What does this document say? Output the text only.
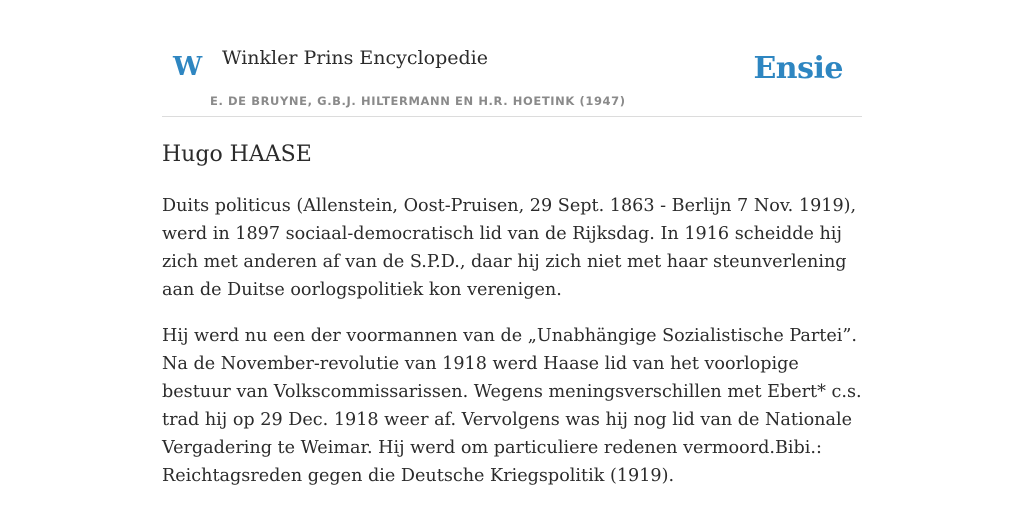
W Winkler Prins Encyclopedie	Ensie
E. DE BRUYNE, G.B.J. HILTERMANN EN H.R. HOETINK (1947)
Hugo HAASE

Duits politicus (Allenstein, Oost-Pruisen, 29 Sept. 1863 - Berlijn 7 Nov. 1919), werd in 1897 sociaal-democratisch lid van de Rijksdag. In 1916 scheidde hij zich met anderen af van de S.P.D., daar hij zich niet met haar steunverlening aan de Duitse oorlogspolitiek kon verenigen.

Hij werd nu een der voormannen van de „Unabhängige Sozialistische Partei”. Na de November-revolutie van 1918 werd Haase lid van het voorlopige bestuur van Volkscommissarissen. Wegens meningsverschillen met Ebert* c.s. trad hij op 29 Dec. 1918 weer af. Vervolgens was hij nog lid van de Nationale Vergadering te Weimar. Hij werd om particuliere redenen vermoord.Bibi.: Reichtagsreden gegen die Deutsche Kriegspolitik (1919).
